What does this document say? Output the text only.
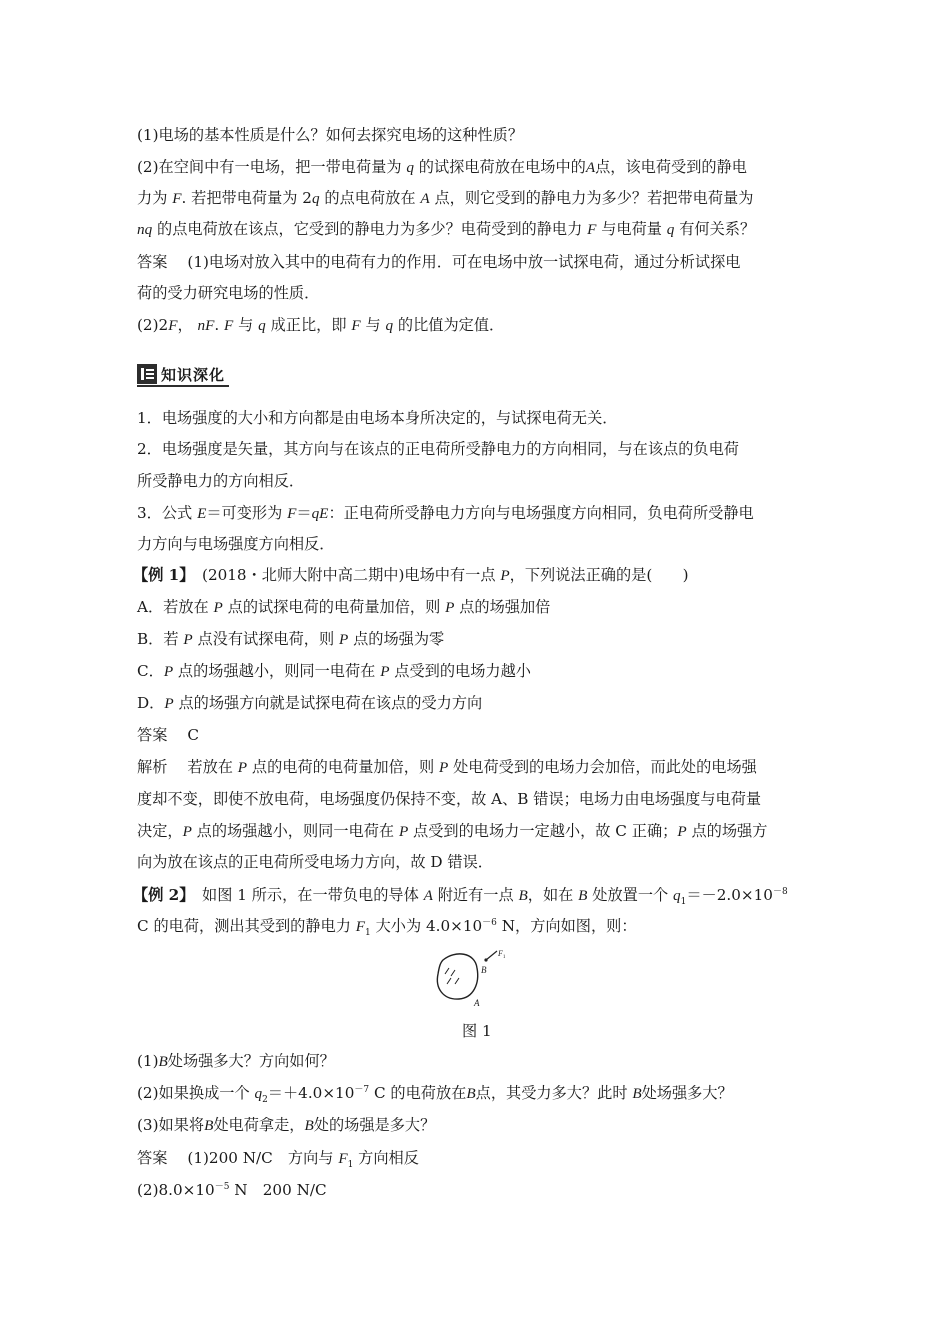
(1)电场的基本性质是什么？如何去探究电场的这种性质？
(2)在空间中有一电场，把一带电荷量为 q 的试探电荷放在电场中的A点，该电荷受到的静电
力为 F. 若把带电荷量为 2q 的点电荷放在 A 点，则它受到的静电力为多少？若把带电荷量为
nq 的点电荷放在该点，它受到的静电力为多少？电荷受到的静电力 F 与电荷量 q 有何关系？
答案　 (1)电场对放入其中的电荷有力的作用．可在电场中放一试探电荷，通过分析试探电
荷的受力研究电场的性质．
(2)2F， nF. F 与 q 成正比，即 F 与 q 的比值为定值．
知识深化
1．电场强度的大小和方向都是由电场本身所决定的，与试探电荷无关．
2．电场强度是矢量，其方向与在该点的正电荷所受静电力的方向相同，与在该点的负电荷
所受静电力的方向相反．
3．公式 E＝可变形为 F＝qE：正电荷所受静电力方向与电场强度方向相同，负电荷所受静电
力方向与电场强度方向相反．
【例 1】　 (2018・北师大附中高二期中)电场中有一点 P，下列说法正确的是(　　)
A．若放在 P 点的试探电荷的电荷量加倍，则 P 点的场强加倍
B．若 P 点没有试探电荷，则 P 点的场强为零
C．P 点的场强越小，则同一电荷在 P 点受到的电场力越小
D．P 点的场强方向就是试探电荷在该点的受力方向
答案　 C
解析　 若放在 P 点的电荷的电荷量加倍，则 P 处电荷受到的电场力会加倍，而此处的电场强
度却不变，即使不放电荷，电场强度仍保持不变，故 A、B 错误；电场力由电场强度与电荷量
决定，P 点的场强越小，则同一电荷在 P 点受到的电场力一定越小，故 C 正确；P 点的场强方
向为放在该点的正电荷所受电场力方向，故 D 错误．
【例 2】　 如图 1 所示，在一带负电的导体 A 附近有一点 B，如在 B 处放置一个 $q_1=-2.0\times 10^{-8}$
C 的电荷，测出其受到的静电力 $F_1$ 大小为 $4.0\times 10^{-6}$ N，方向如图，则：
B
A
$F_1$
图 1
(1)B处场强多大？方向如何？
(2)如果换成一个 $q_2=+4.0\times 10^{-7}$ C 的电荷放在B点，其受力多大？此时 B处场强多大？
(3)如果将B处电荷拿走，B处的场强是多大？
答案　 (1)200 N/C　方向与 $F_1$ 方向相反
$(2)8.0\times 10^{-5}$ N　200 N/C
